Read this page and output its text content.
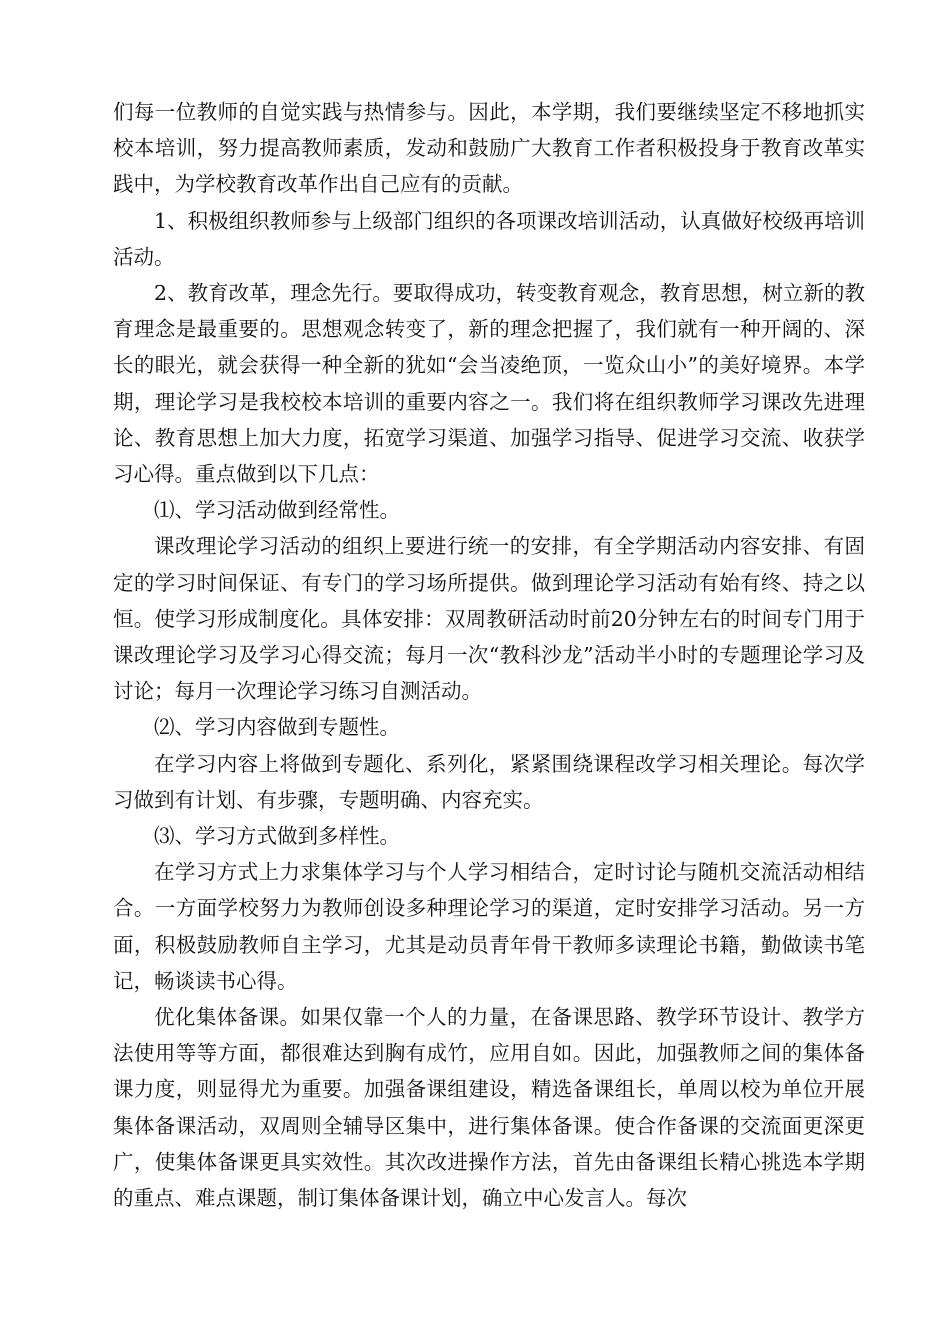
们每一位教师的自觉实践与热情参与。因此，本学期，我们要继续坚定不移地抓实校本培训，努力提高教师素质，发动和鼓励广大教育工作者积极投身于教育改革实践中，为学校教育改革作出自己应有的贡献。

1、积极组织教师参与上级部门组织的各项课改培训活动，认真做好校级再培训活动。

2、教育改革，理念先行。要取得成功，转变教育观念，教育思想，树立新的教育理念是最重要的。思想观念转变了，新的理念把握了，我们就有一种开阔的、深长的眼光，就会获得一种全新的犹如“会当凌绝顶，一览众山小”的美好境界。本学期，理论学习是我校校本培训的重要内容之一。我们将在组织教师学习课改先进理论、教育思想上加大力度，拓宽学习渠道、加强学习指导、促进学习交流、收获学习心得。重点做到以下几点：

⑴、学习活动做到经常性。

课改理论学习活动的组织上要进行统一的安排，有全学期活动内容安排、有固定的学习时间保证、有专门的学习场所提供。做到理论学习活动有始有终、持之以恒。使学习形成制度化。具体安排：双周教研活动时前20分钟左右的时间专门用于课改理论学习及学习心得交流；每月一次“教科沙龙”活动半小时的专题理论学习及讨论；每月一次理论学习练习自测活动。

⑵、学习内容做到专题性。

在学习内容上将做到专题化、系列化，紧紧围绕课程改学习相关理论。每次学习做到有计划、有步骤，专题明确、内容充实。

⑶、学习方式做到多样性。

在学习方式上力求集体学习与个人学习相结合，定时讨论与随机交流活动相结合。一方面学校努力为教师创设多种理论学习的渠道，定时安排学习活动。另一方面，积极鼓励教师自主学习，尤其是动员青年骨干教师多读理论书籍，勤做读书笔记，畅谈读书心得。

优化集体备课。如果仅靠一个人的力量，在备课思路、教学环节设计、教学方法使用等等方面，都很难达到胸有成竹，应用自如。因此，加强教师之间的集体备课力度，则显得尤为重要。加强备课组建设，精选备课组长，单周以校为单位开展集体备课活动，双周则全辅导区集中，进行集体备课。使合作备课的交流面更深更广，使集体备课更具实效性。其次改进操作方法，首先由备课组长精心挑选本学期的重点、难点课题，制订集体备课计划，确立中心发言人。每次
